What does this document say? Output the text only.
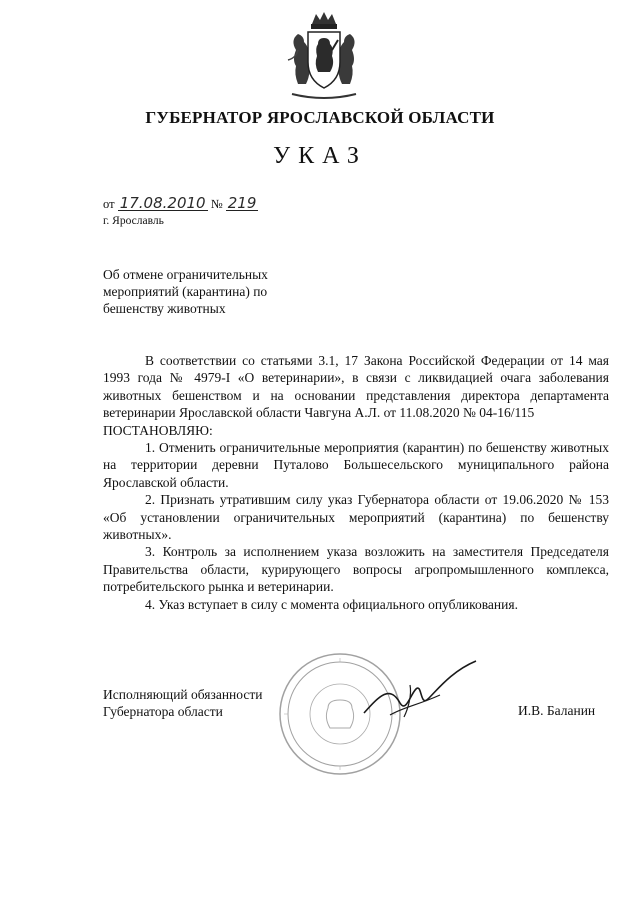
ГУБЕРНАТОР ЯРОСЛАВСКОЙ ОБЛАСТИ
УКАЗ
от 17.08.2010 № 219
г. Ярославль
Об отмене ограничительных
мероприятий (карантина) по
бешенству животных

В соответствии со статьями 3.1, 17 Закона Российской Федерации от 14 мая 1993 года № 4979-I «О ветеринарии», в связи с ликвидацией очага заболевания животных бешенством и на основании представления директора департамента ветеринарии Ярославской области Чавгуна А.Л. от 11.08.2020 № 04-16/115

ПОСТАНОВЛЯЮ:

1. Отменить ограничительные мероприятия (карантин) по бешенству животных на территории деревни Путалово Большесельского муниципального района Ярославской области.

2. Признать утратившим силу указ Губернатора области от 19.06.2020 № 153 «Об установлении ограничительных мероприятий (карантина) по бешенству животных».

3. Контроль за исполнением указа возложить на заместителя Председателя Правительства области, курирующего вопросы агропромышленного комплекса, потребительского рынка и ветеринарии.

4. Указ вступает в силу с момента официального опубликования.

Исполняющий обязанности
Губернатора области	И.В. Баланин
